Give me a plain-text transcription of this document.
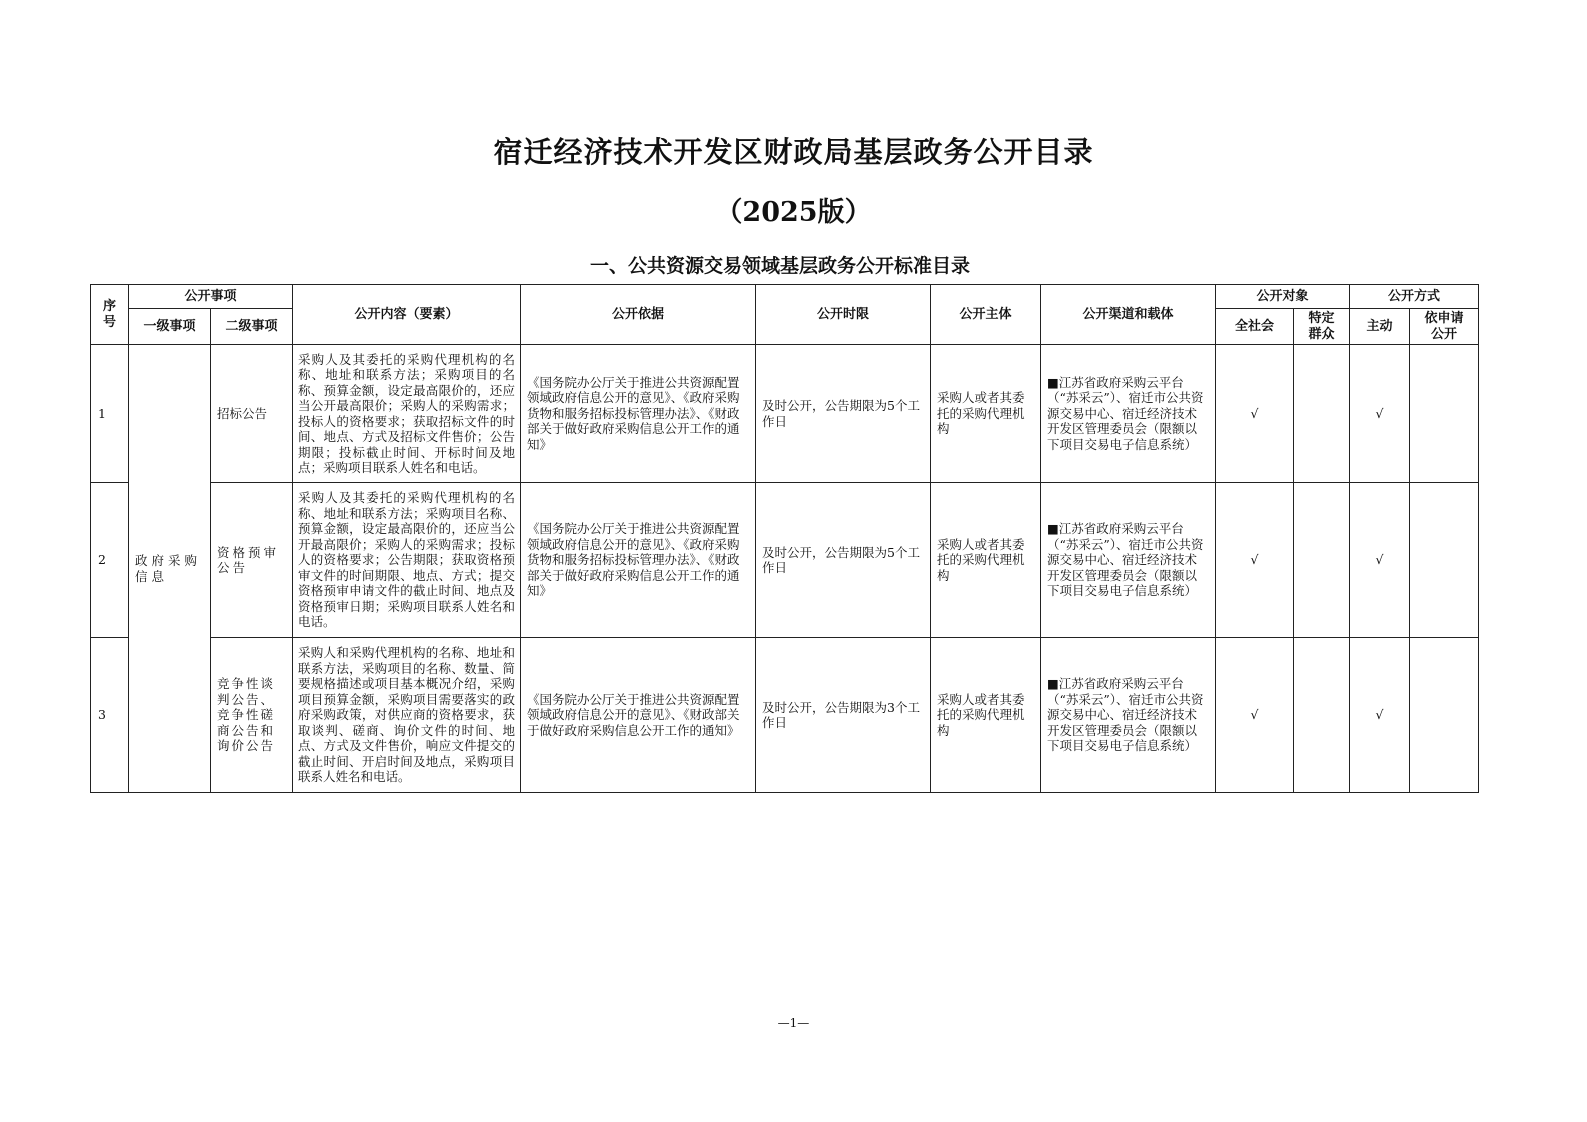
宿迁经济技术开发区财政局基层政务公开目录
（2025版）
一、公共资源交易领域基层政务公开标准目录
序号	公开事项		公开内容（要素）	公开依据	公开时限	公开主体	公开渠道和载体	公开对象		公开方式	
	一级事项	二级事项						全社会	特定群众	主动	依申请公开
1	政府采购信息	招标公告	采购人及其委托的采购代理机构的名称、地址和联系方法；采购项目的名称、预算金额，设定最高限价的，还应当公开最高限价；采购人的采购需求；投标人的资格要求；获取招标文件的时间、地点、方式及招标文件售价；公告期限；投标截止时间、开标时间及地点；采购项目联系人姓名和电话。	《国务院办公厅关于推进公共资源配置领域政府信息公开的意见》、《政府采购货物和服务招标投标管理办法》、《财政部关于做好政府采购信息公开工作的通知》	及时公开，公告期限为5个工作日	采购人或者其委托的采购代理机构	■江苏省政府采购云平台（“苏采云”）、宿迁市公共资源交易中心、宿迁经济技术开发区管理委员会（限额以下项目交易电子信息系统）	√		√	
2		资格预审公告	采购人及其委托的采购代理机构的名称、地址和联系方法；采购项目名称、预算金额，设定最高限价的，还应当公开最高限价；采购人的采购需求；投标人的资格要求；公告期限；获取资格预审文件的时间期限、地点、方式；提交资格预审申请文件的截止时间、地点及资格预审日期；采购项目联系人姓名和电话。	《国务院办公厅关于推进公共资源配置领域政府信息公开的意见》、《政府采购货物和服务招标投标管理办法》、《财政部关于做好政府采购信息公开工作的通知》	及时公开，公告期限为5个工作日	采购人或者其委托的采购代理机构	■江苏省政府采购云平台（“苏采云”）、宿迁市公共资源交易中心、宿迁经济技术开发区管理委员会（限额以下项目交易电子信息系统）	√		√	
3		竞争性谈判公告、竞争性磋商公告和询价公告	采购人和采购代理机构的名称、地址和联系方法，采购项目的名称、数量、简要规格描述或项目基本概况介绍，采购项目预算金额，采购项目需要落实的政府采购政策，对供应商的资格要求，获取谈判、磋商、询价文件的时间、地点、方式及文件售价，响应文件提交的截止时间、开启时间及地点，采购项目联系人姓名和电话。	《国务院办公厅关于推进公共资源配置领域政府信息公开的意见》、《财政部关于做好政府采购信息公开工作的通知》	及时公开，公告期限为3个工作日	采购人或者其委托的采购代理机构	■江苏省政府采购云平台（“苏采云”）、宿迁市公共资源交易中心、宿迁经济技术开发区管理委员会（限额以下项目交易电子信息系统）	√		√	
—1—
